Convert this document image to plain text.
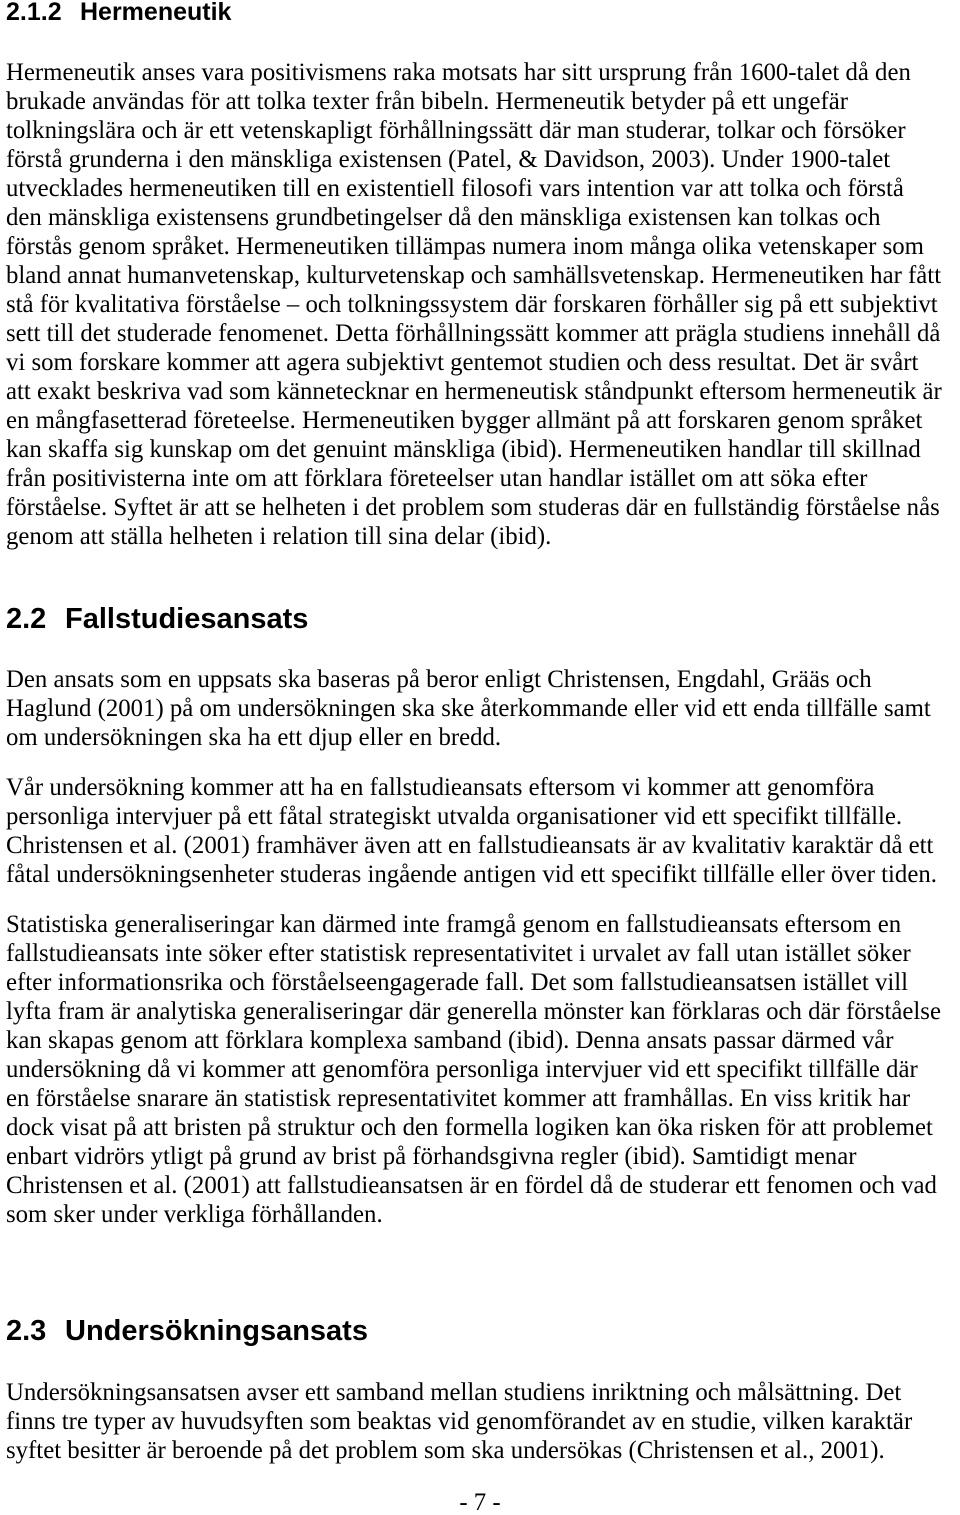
2.1.2 Hermeneutik
Hermeneutik anses vara positivismens raka motsats har sitt ursprung från 1600-talet då den
brukade användas för att tolka texter från bibeln. Hermeneutik betyder på ett ungefär
tolkningslära och är ett vetenskapligt förhållningssätt där man studerar, tolkar och försöker
förstå grunderna i den mänskliga existensen (Patel, & Davidson, 2003). Under 1900-talet
utvecklades hermeneutiken till en existentiell filosofi vars intention var att tolka och förstå
den mänskliga existensens grundbetingelser då den mänskliga existensen kan tolkas och
förstås genom språket. Hermeneutiken tillämpas numera inom många olika vetenskaper som
bland annat humanvetenskap, kulturvetenskap och samhällsvetenskap. Hermeneutiken har fått
stå för kvalitativa förståelse – och tolkningssystem där forskaren förhåller sig på ett subjektivt
sett till det studerade fenomenet. Detta förhållningssätt kommer att prägla studiens innehåll då
vi som forskare kommer att agera subjektivt gentemot studien och dess resultat. Det är svårt
att exakt beskriva vad som kännetecknar en hermeneutisk ståndpunkt eftersom hermeneutik är
en mångfasetterad företeelse. Hermeneutiken bygger allmänt på att forskaren genom språket
kan skaffa sig kunskap om det genuint mänskliga (ibid). Hermeneutiken handlar till skillnad
från positivisterna inte om att förklara företeelser utan handlar istället om att söka efter
förståelse. Syftet är att se helheten i det problem som studeras där en fullständig förståelse nås
genom att ställa helheten i relation till sina delar (ibid).
2.2 Fallstudiesansats
Den ansats som en uppsats ska baseras på beror enligt Christensen, Engdahl, Grääs och
Haglund (2001) på om undersökningen ska ske återkommande eller vid ett enda tillfälle samt
om undersökningen ska ha ett djup eller en bredd.
Vår undersökning kommer att ha en fallstudieansats eftersom vi kommer att genomföra
personliga intervjuer på ett fåtal strategiskt utvalda organisationer vid ett specifikt tillfälle.
Christensen et al. (2001) framhäver även att en fallstudieansats är av kvalitativ karaktär då ett
fåtal undersökningsenheter studeras ingående antigen vid ett specifikt tillfälle eller över tiden.
Statistiska generaliseringar kan därmed inte framgå genom en fallstudieansats eftersom en
fallstudieansats inte söker efter statistisk representativitet i urvalet av fall utan istället söker
efter informationsrika och förståelseengagerade fall. Det som fallstudieansatsen istället vill
lyfta fram är analytiska generaliseringar där generella mönster kan förklaras och där förståelse
kan skapas genom att förklara komplexa samband (ibid). Denna ansats passar därmed vår
undersökning då vi kommer att genomföra personliga intervjuer vid ett specifikt tillfälle där
en förståelse snarare än statistisk representativitet kommer att framhållas. En viss kritik har
dock visat på att bristen på struktur och den formella logiken kan öka risken för att problemet
enbart vidrörs ytligt på grund av brist på förhandsgivna regler (ibid). Samtidigt menar
Christensen et al. (2001) att fallstudieansatsen är en fördel då de studerar ett fenomen och vad
som sker under verkliga förhållanden.
2.3 Undersökningsansats
Undersökningsansatsen avser ett samband mellan studiens inriktning och målsättning. Det
finns tre typer av huvudsyften som beaktas vid genomförandet av en studie, vilken karaktär
syftet besitter är beroende på det problem som ska undersökas (Christensen et al., 2001).
- 7 -
